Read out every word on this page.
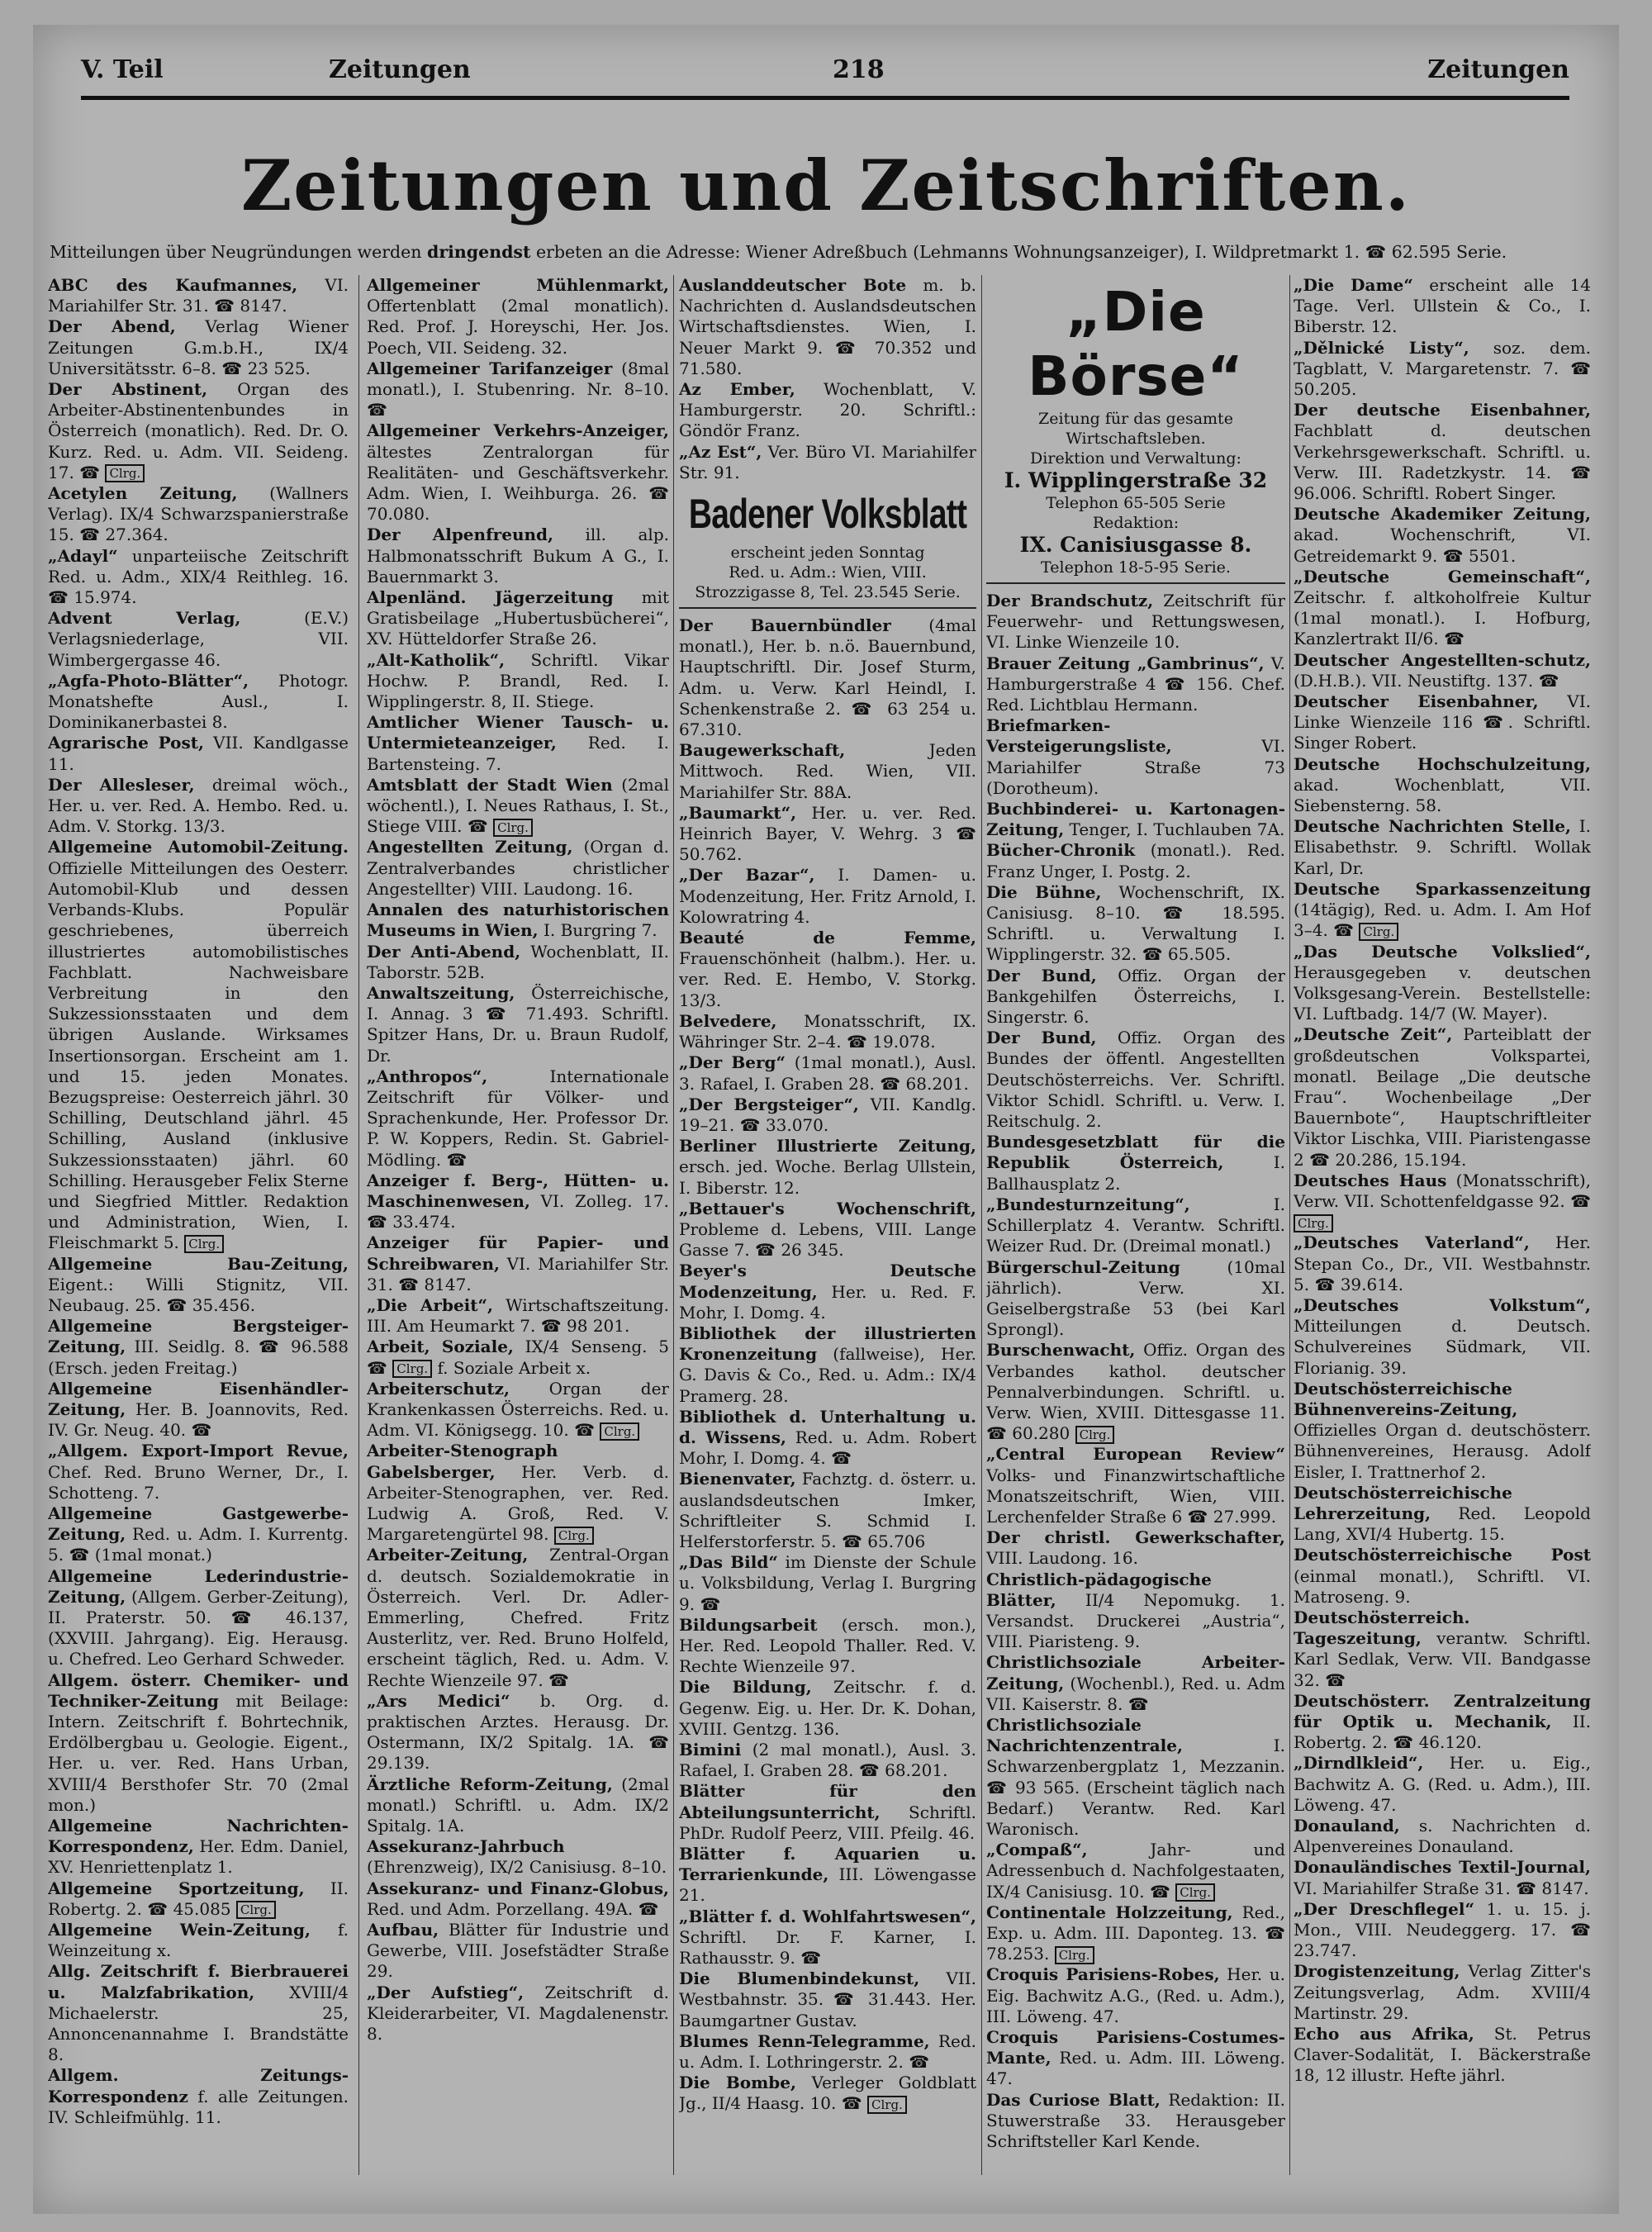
V. Teil	Zeitungen	218	Zeitungen
Zeitungen und Zeitschriften.
Mitteilungen über Neugründungen werden dringendst erbeten an die Adresse: Wiener Adreßbuch (Lehmanns Wohnungsanzeiger), I. Wildpretmarkt 1. ☎ 62.595 Serie.

ABC des Kaufmannes, VI. Mariahilfer Str. 31. ☎ 8147.

Der Abend, Verlag Wiener Zeitungen G.m.b.H., IX/4 Universitätsstr. 6–8. ☎ 23 525.

Der Abstinent, Organ des Arbeiter-Abstinentenbundes in Österreich (monatlich). Red. Dr. O. Kurz. Red. u. Adm. VII. Seideng. 17. ☎ Clrg.

Acetylen Zeitung, (Wallners Verlag). IX/4 Schwarzspanierstraße 15. ☎ 27.364.

„Adayl“ unparteiische Zeitschrift Red. u. Adm., XIX/4 Reithleg. 16. ☎ 15.974.

Advent Verlag, (E.V.) Verlagsniederlage, VII. Wimbergergasse 46.

„Agfa-Photo-Blätter“, Photogr. Monatshefte Ausl., I. Dominikanerbastei 8.

Agrarische Post, VII. Kandlgasse 11.

Der Allesleser, dreimal wöch., Her. u. ver. Red. A. Hembo. Red. u. Adm. V. Storkg. 13/3.

Allgemeine Automobil-Zeitung. Offizielle Mitteilungen des Oesterr. Automobil-Klub und dessen Verbands-Klubs. Populär geschriebenes, überreich illustriertes automobilistisches Fachblatt. Nachweisbare Verbreitung in den Sukzessionsstaaten und dem übrigen Auslande. Wirksames Insertionsorgan. Erscheint am 1. und 15. jeden Monates. Bezugspreise: Oesterreich jährl. 30 Schilling, Deutschland jährl. 45 Schilling, Ausland (inklusive Sukzessionsstaaten) jährl. 60 Schilling. Herausgeber Felix Sterne und Siegfried Mittler. Redaktion und Administration, Wien, I. Fleischmarkt 5. Clrg.

Allgemeine Bau-Zeitung, Eigent.: Willi Stignitz, VII. Neubaug. 25. ☎ 35.456.

Allgemeine Bergsteiger-Zeitung, III. Seidlg. 8. ☎ 96.588 (Ersch. jeden Freitag.)

Allgemeine Eisenhändler-Zeitung, Her. B. Joannovits, Red. IV. Gr. Neug. 40. ☎

„Allgem. Export-Import Revue, Chef. Red. Bruno Werner, Dr., I. Schotteng. 7.

Allgemeine Gastgewerbe-Zeitung, Red. u. Adm. I. Kurrentg. 5. ☎ (1mal monat.)

Allgemeine Lederindustrie-Zeitung, (Allgem. Gerber-Zeitung), II. Praterstr. 50. ☎ 46.137, (XXVIII. Jahrgang). Eig. Herausg. u. Chefred. Leo Gerhard Schweder.

Allgem. österr. Chemiker- und Techniker-Zeitung mit Beilage: Intern. Zeitschrift f. Bohrtechnik, Erdölbergbau u. Geologie. Eigent., Her. u. ver. Red. Hans Urban, XVIII/4 Bersthofer Str. 70 (2mal mon.)

Allgemeine Nachrichten-Korrespondenz, Her. Edm. Daniel, XV. Henriettenplatz 1.

Allgemeine Sportzeitung, II. Robertg. 2. ☎ 45.085 Clrg.

Allgemeine Wein-Zeitung, f. Weinzeitung x.

Allg. Zeitschrift f. Bierbrauerei u. Malzfabrikation, XVIII/4 Michaelerstr. 25, Annoncenannahme I. Brandstätte 8.

Allgem. Zeitungs-Korrespondenz f. alle Zeitungen. IV. Schleifmühlg. 11.

Allgemeiner Mühlenmarkt, Offertenblatt (2mal monatlich). Red. Prof. J. Horeyschi, Her. Jos. Poech, VII. Seideng. 32.

Allgemeiner Tarifanzeiger (8mal monatl.), I. Stubenring. Nr. 8–10. ☎

Allgemeiner Verkehrs-Anzeiger, ältestes Zentralorgan für Realitäten- und Geschäftsverkehr. Adm. Wien, I. Weihburga. 26. ☎ 70.080.

Der Alpenfreund, ill. alp. Halbmonatsschrift Bukum A G., I. Bauernmarkt 3.

Alpenländ. Jägerzeitung mit Gratisbeilage „Hubertusbücherei“, XV. Hütteldorfer Straße 26.

„Alt-Katholik“, Schriftl. Vikar Hochw. P. Brandl, Red. I. Wipplingerstr. 8, II. Stiege.

Amtlicher Wiener Tausch- u. Untermieteanzeiger, Red. I. Bartensteing. 7.

Amtsblatt der Stadt Wien (2mal wöchentl.), I. Neues Rathaus, I. St., Stiege VIII. ☎ Clrg.

Angestellten Zeitung, (Organ d. Zentralverbandes christlicher Angestellter) VIII. Laudong. 16.

Annalen des naturhistorischen Museums in Wien, I. Burgring 7.

Der Anti-Abend, Wochenblatt, II. Taborstr. 52B.

Anwaltszeitung, Österreichische, I. Annag. 3 ☎ 71.493. Schriftl. Spitzer Hans, Dr. u. Braun Rudolf, Dr.

„Anthropos“, Internationale Zeitschrift für Völker- und Sprachenkunde, Her. Professor Dr. P. W. Koppers, Redin. St. Gabriel-Mödling. ☎

Anzeiger f. Berg-, Hütten- u. Maschinenwesen, VI. Zolleg. 17. ☎ 33.474.

Anzeiger für Papier- und Schreibwaren, VI. Mariahilfer Str. 31. ☎ 8147.

„Die Arbeit“, Wirtschaftszeitung. III. Am Heumarkt 7. ☎ 98 201.

Arbeit, Soziale, IX/4 Senseng. 5 ☎ Clrg. f. Soziale Arbeit x.

Arbeiterschutz, Organ der Krankenkassen Österreichs. Red. u. Adm. VI. Königsegg. 10. ☎ Clrg.

Arbeiter-Stenograph Gabelsberger, Her. Verb. d. Arbeiter-Stenographen, ver. Red. Ludwig A. Groß, Red. V. Margaretengürtel 98. Clrg.

Arbeiter-Zeitung, Zentral-Organ d. deutsch. Sozialdemokratie in Österreich. Verl. Dr. Adler-Emmerling, Chefred. Fritz Austerlitz, ver. Red. Bruno Holfeld, erscheint täglich, Red. u. Adm. V. Rechte Wienzeile 97. ☎

„Ars Medici“ b. Org. d. praktischen Arztes. Herausg. Dr. Ostermann, IX/2 Spitalg. 1A. ☎ 29.139.

Ärztliche Reform-Zeitung, (2mal monatl.) Schriftl. u. Adm. IX/2 Spitalg. 1A.

Assekuranz-Jahrbuch (Ehrenzweig), IX/2 Canisiusg. 8–10.

Assekuranz- und Finanz-Globus, Red. und Adm. Porzellang. 49A. ☎

Aufbau, Blätter für Industrie und Gewerbe, VIII. Josefstädter Straße 29.

„Der Aufstieg“, Zeitschrift d. Kleiderarbeiter, VI. Magdalenenstr. 8.

Auslanddeutscher Bote m. b. Nachrichten d. Auslandsdeutschen Wirtschaftsdienstes. Wien, I. Neuer Markt 9. ☎ 70.352 und 71.580.

Az Ember, Wochenblatt, V. Hamburgerstr. 20. Schriftl.: Göndör Franz.

„Az Est“, Ver. Büro VI. Mariahilfer Str. 91.

Badener Volksblatt
erscheint jeden Sonntag
Red. u. Adm.: Wien, VIII. Strozzigasse 8, Tel. 23.545 Serie.

Der Bauernbündler (4mal monatl.), Her. b. n.ö. Bauernbund, Hauptschriftl. Dir. Josef Sturm, Adm. u. Verw. Karl Heindl, I. Schenkenstraße 2. ☎ 63 254 u. 67.310.

Baugewerkschaft, Jeden Mittwoch. Red. Wien, VII. Mariahilfer Str. 88A.

„Baumarkt“, Her. u. ver. Red. Heinrich Bayer, V. Wehrg. 3 ☎ 50.762.

„Der Bazar“, I. Damen- u. Modenzeitung, Her. Fritz Arnold, I. Kolowratring 4.

Beauté de Femme, Frauenschönheit (halbm.). Her. u. ver. Red. E. Hembo, V. Storkg. 13/3.

Belvedere, Monatsschrift, IX. Währinger Str. 2–4. ☎ 19.078.

„Der Berg“ (1mal monatl.), Ausl. 3. Rafael, I. Graben 28. ☎ 68.201.

„Der Bergsteiger“, VII. Kandlg. 19–21. ☎ 33.070.

Berliner Illustrierte Zeitung, ersch. jed. Woche. Berlag Ullstein, I. Biberstr. 12.

„Bettauer's Wochenschrift, Probleme d. Lebens, VIII. Lange Gasse 7. ☎ 26 345.

Beyer's Deutsche Modenzeitung, Her. u. Red. F. Mohr, I. Domg. 4.

Bibliothek der illustrierten Kronenzeitung (fallweise), Her. G. Davis & Co., Red. u. Adm.: IX/4 Pramerg. 28.

Bibliothek d. Unterhaltung u. d. Wissens, Red. u. Adm. Robert Mohr, I. Domg. 4. ☎

Bienenvater, Fachztg. d. österr. u. auslandsdeutschen Imker, Schriftleiter S. Schmid I. Helferstorferstr. 5. ☎ 65.706

„Das Bild“ im Dienste der Schule u. Volksbildung, Verlag I. Burgring 9. ☎

Bildungsarbeit (ersch. mon.), Her. Red. Leopold Thaller. Red. V. Rechte Wienzeile 97.

Die Bildung, Zeitschr. f. d. Gegenw. Eig. u. Her. Dr. K. Dohan, XVIII. Gentzg. 136.

Bimini (2 mal monatl.), Ausl. 3. Rafael, I. Graben 28. ☎ 68.201.

Blätter für den Abteilungsunterricht, Schriftl. PhDr. Rudolf Peerz, VIII. Pfeilg. 46.

Blätter f. Aquarien u. Terrarienkunde, III. Löwengasse 21.

„Blätter f. d. Wohlfahrtswesen“, Schriftl. Dr. F. Karner, I. Rathausstr. 9. ☎

Die Blumenbindekunst, VII. Westbahnstr. 35. ☎ 31.443. Her. Baumgartner Gustav.

Blumes Renn-Telegramme, Red. u. Adm. I. Lothringerstr. 2. ☎

Die Bombe, Verleger Goldblatt Jg., II/4 Haasg. 10. ☎ Clrg.

„Die Börse“
Zeitung für das gesamte Wirtschaftsleben.
Direktion und Verwaltung:
I. Wipplingerstraße 32
Telephon 65-505 Serie
Redaktion:
IX. Canisiusgasse 8.
Telephon 18-5-95 Serie.

Der Brandschutz, Zeitschrift für Feuerwehr- und Rettungswesen, VI. Linke Wienzeile 10.

Brauer Zeitung „Gambrinus“, V. Hamburgerstraße 4 ☎ 156. Chef. Red. Lichtblau Hermann.

Briefmarken-Versteigerungsliste, VI. Mariahilfer Straße 73 (Dorotheum).

Buchbinderei- u. Kartonagen-Zeitung, Tenger, I. Tuchlauben 7A.

Bücher-Chronik (monatl.). Red. Franz Unger, I. Postg. 2.

Die Bühne, Wochenschrift, IX. Canisiusg. 8–10. ☎ 18.595. Schriftl. u. Verwaltung I. Wipplingerstr. 32. ☎ 65.505.

Der Bund, Offiz. Organ der Bankgehilfen Österreichs, I. Singerstr. 6.

Der Bund, Offiz. Organ des Bundes der öffentl. Angestellten Deutschösterreichs. Ver. Schriftl. Viktor Schidl. Schriftl. u. Verw. I. Reitschulg. 2.

Bundesgesetzblatt für die Republik Österreich, I. Ballhausplatz 2.

„Bundesturnzeitung“, I. Schillerplatz 4. Verantw. Schriftl. Weizer Rud. Dr. (Dreimal monatl.)

Bürgerschul-Zeitung (10mal jährlich). Verw. XI. Geiselbergstraße 53 (bei Karl Sprongl).

Burschenwacht, Offiz. Organ des Verbandes kathol. deutscher Pennalverbindungen. Schriftl. u. Verw. Wien, XVIII. Dittesgasse 11. ☎ 60.280 Clrg.

„Central European Review“ Volks- und Finanzwirtschaftliche Monatszeitschrift, Wien, VIII. Lerchenfelder Straße 6 ☎ 27.999.

Der christl. Gewerkschafter, VIII. Laudong. 16.

Christlich-pädagogische Blätter, II/4 Nepomukg. 1. Versandst. Druckerei „Austria“, VIII. Piaristeng. 9.

Christlichsoziale Arbeiter-Zeitung, (Wochenbl.), Red. u. Adm VII. Kaiserstr. 8. ☎

Christlichsoziale Nachrichtenzentrale, I. Schwarzenbergplatz 1, Mezzanin. ☎ 93 565. (Erscheint täglich nach Bedarf.) Verantw. Red. Karl Waronisch.

„Compaß“, Jahr- und Adressenbuch d. Nachfolgestaaten, IX/4 Canisiusg. 10. ☎ Clrg.

Continentale Holzzeitung, Red., Exp. u. Adm. III. Daponteg. 13. ☎ 78.253. Clrg.

Croquis Parisiens-Robes, Her. u. Eig. Bachwitz A.G., (Red. u. Adm.), III. Löweng. 47.

Croquis Parisiens-Costumes-Mante, Red. u. Adm. III. Löweng. 47.

Das Curiose Blatt, Redaktion: II. Stuwerstraße 33. Herausgeber Schriftsteller Karl Kende.

„Die Dame“ erscheint alle 14 Tage. Verl. Ullstein & Co., I. Biberstr. 12.

„Dělnické Listy“, soz. dem. Tagblatt, V. Margaretenstr. 7. ☎ 50.205.

Der deutsche Eisenbahner, Fachblatt d. deutschen Verkehrsgewerkschaft. Schriftl. u. Verw. III. Radetzkystr. 14. ☎ 96.006. Schriftl. Robert Singer.

Deutsche Akademiker Zeitung, akad. Wochenschrift, VI. Getreidemarkt 9. ☎ 5501.

„Deutsche Gemeinschaft“, Zeitschr. f. altkoholfreie Kultur (1mal monatl.). I. Hofburg, Kanzlertrakt II/6. ☎

Deutscher Angestellten-schutz, (D.H.B.). VII. Neustiftg. 137. ☎

Deutscher Eisenbahner, VI. Linke Wienzeile 116 ☎. Schriftl. Singer Robert.

Deutsche Hochschulzeitung, akad. Wochenblatt, VII. Siebensterng. 58.

Deutsche Nachrichten Stelle, I. Elisabethstr. 9. Schriftl. Wollak Karl, Dr.

Deutsche Sparkassenzeitung (14tägig), Red. u. Adm. I. Am Hof 3–4. ☎ Clrg.

„Das Deutsche Volkslied“, Herausgegeben v. deutschen Volksgesang-Verein. Bestellstelle: VI. Luftbadg. 14/7 (W. Mayer).

„Deutsche Zeit“, Parteiblatt der großdeutschen Volkspartei, monatl. Beilage „Die deutsche Frau“. Wochenbeilage „Der Bauernbote“, Hauptschriftleiter Viktor Lischka, VIII. Piaristengasse 2 ☎ 20.286, 15.194.

Deutsches Haus (Monatsschrift), Verw. VII. Schottenfeldgasse 92. ☎ Clrg.

„Deutsches Vaterland“, Her. Stepan Co., Dr., VII. Westbahnstr. 5. ☎ 39.614.

„Deutsches Volkstum“, Mitteilungen d. Deutsch. Schulvereines Südmark, VII. Florianig. 39.

Deutschösterreichische Bühnenvereins-Zeitung, Offizielles Organ d. deutschösterr. Bühnenvereines, Herausg. Adolf Eisler, I. Trattnerhof 2.

Deutschösterreichische Lehrerzeitung, Red. Leopold Lang, XVI/4 Hubertg. 15.

Deutschösterreichische Post (einmal monatl.), Schriftl. VI. Matroseng. 9.

Deutschösterreich. Tageszeitung, verantw. Schriftl. Karl Sedlak, Verw. VII. Bandgasse 32. ☎

Deutschösterr. Zentralzeitung für Optik u. Mechanik, II. Robertg. 2. ☎ 46.120.

„Dirndlkleid“, Her. u. Eig., Bachwitz A. G. (Red. u. Adm.), III. Löweng. 47.

Donauland, s. Nachrichten d. Alpenvereines Donauland.

Donauländisches Textil-Journal, VI. Mariahilfer Straße 31. ☎ 8147.

„Der Dreschflegel“ 1. u. 15. j. Mon., VIII. Neudeggerg. 17. ☎ 23.747.

Drogistenzeitung, Verlag Zitter's Zeitungsverlag, Adm. XVIII/4 Martinstr. 29.

Echo aus Afrika, St. Petrus Claver-Sodalität, I. Bäckerstraße 18, 12 illustr. Hefte jährl.
